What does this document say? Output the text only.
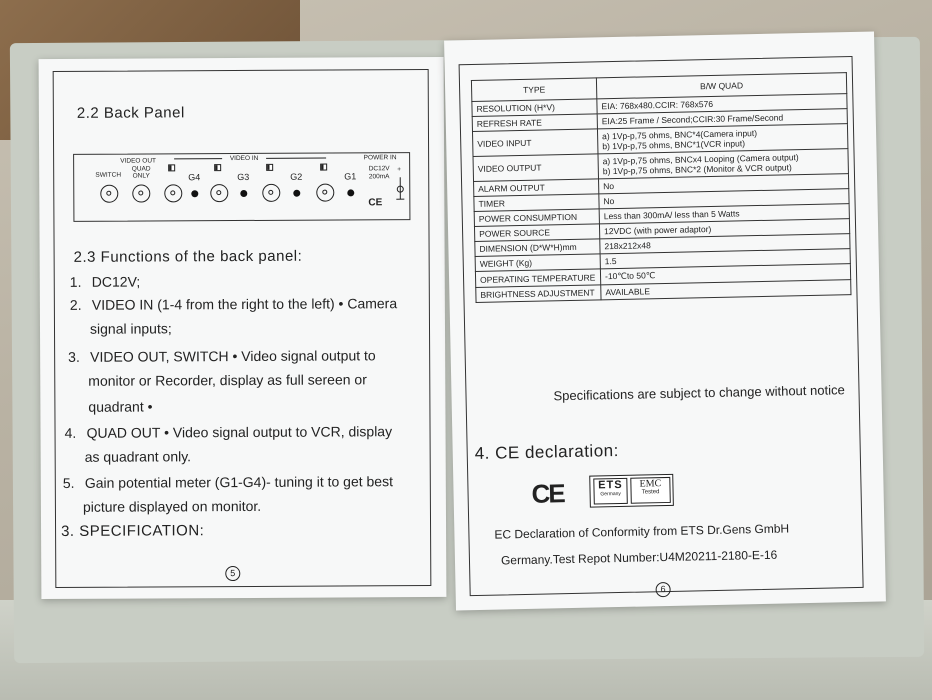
2.2 Back Panel
VIDEO OUT	VIDEO IN	POWER IN
SWITCH
QUAD ONLY	G4	G3	G2	G1
DC12V
200mA
+
CE
2.3 Functions of the back panel:
1. DC12V;
2. VIDEO IN (1-4 from the right to the left) • Camera
signal inputs;
3. VIDEO OUT, SWITCH • Video signal output to
monitor or Recorder, display as full sereen or
quadrant •
4. QUAD OUT • Video signal output to VCR, display
as quadrant only.
5. Gain potential meter (G1-G4)- tuning it to get best
picture displayed on monitor.
3. SPECIFICATION:
5
TYPE	B/W QUAD
RESOLUTION (H*V)	EIA: 768x480.CCIR: 768x576
REFRESH RATE	EIA:25 Frame / Second;CCIR:30 Frame/Second
VIDEO INPUT	a) 1Vp-p,75 ohms, BNC*4(Camera input)
b) 1Vp-p,75 ohms, BNC*1(VCR input)

VIDEO OUTPUT	a) 1Vp-p,75 ohms, BNCx4 Looping (Camera output)
b) 1Vp-p,75 ohms, BNC*2 (Monitor & VCR output)

ALARM OUTPUT	No
TIMER	No
POWER CONSUMPTION	Less than 300mA/ less than 5 Watts
POWER SOURCE	12VDC (with power adaptor)
DIMENSION (D*W*H)mm	218x212x48
WEIGHT (Kg)	1.5
OPERATING TEMPERATURE	-10℃to 50℃
BRIGHTNESS ADJUSTMENT	AVAILABLE
Specifications are subject to change without notice
4. CE declaration:
CE	ETS
Germany
EMC
Tested
EC Declaration of Conformity from ETS Dr.Gens GmbH
Germany.Test Repot Number:U4M20211-2180-E-16
6
